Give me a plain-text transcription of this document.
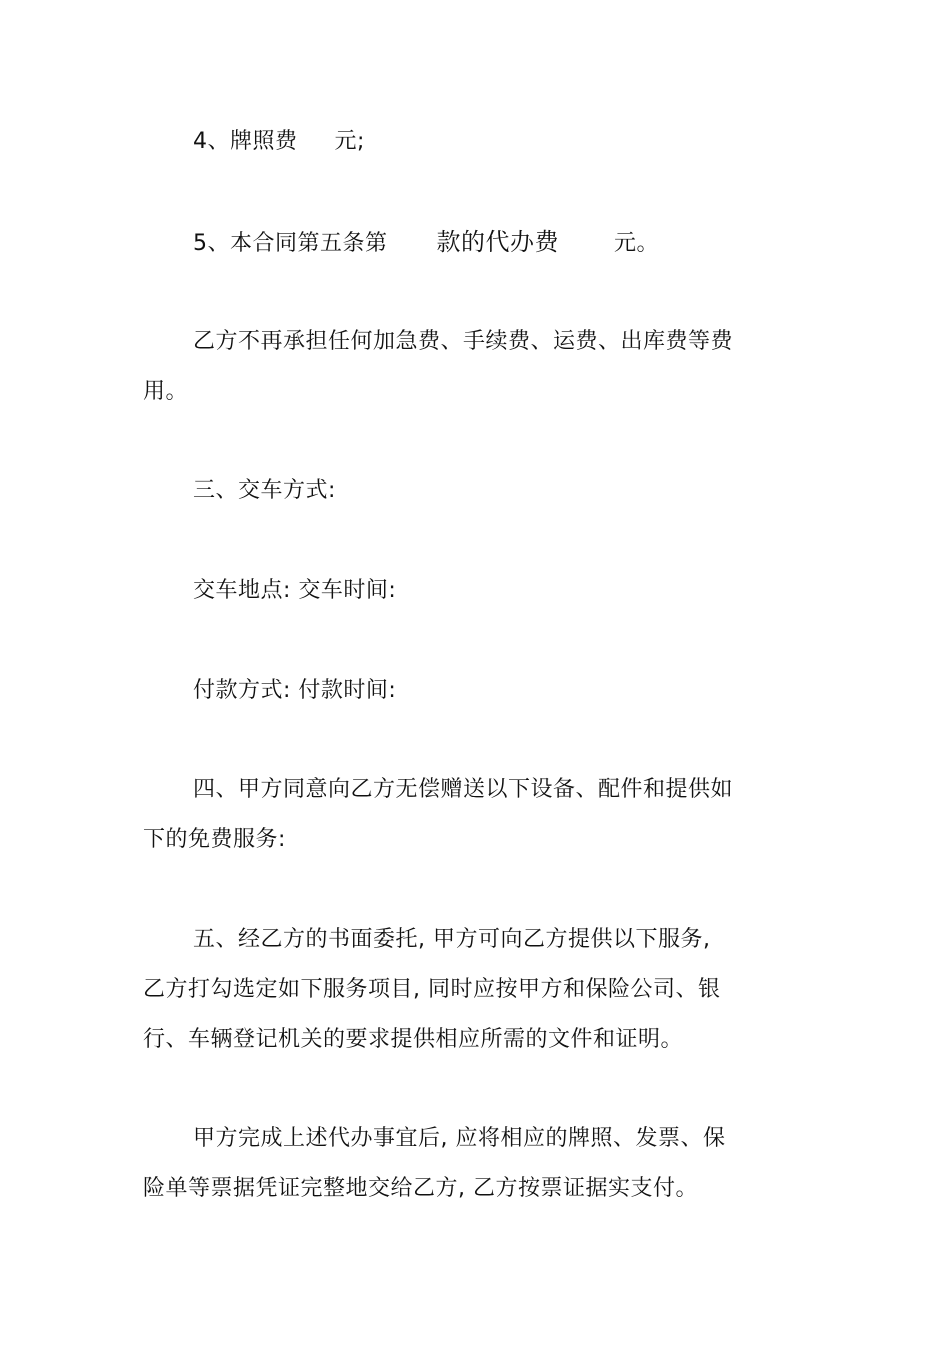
4、牌照费 元;
5、本合同第五条第 款的代办费	元。
乙方不再承担任何加急费、手续费、运费、出库费等费
用。
三、交车方式:
交车地点: 交车时间:
付款方式: 付款时间:
四、甲方同意向乙方无偿赠送以下设备、配件和提供如
下的免费服务:
五、经乙方的书面委托, 甲方可向乙方提供以下服务,
乙方打勾选定如下服务项目, 同时应按甲方和保险公司、银
行、车辆登记机关的要求提供相应所需的文件和证明。
甲方完成上述代办事宜后, 应将相应的牌照、发票、保
险单等票据凭证完整地交给乙方, 乙方按票证据实支付。
